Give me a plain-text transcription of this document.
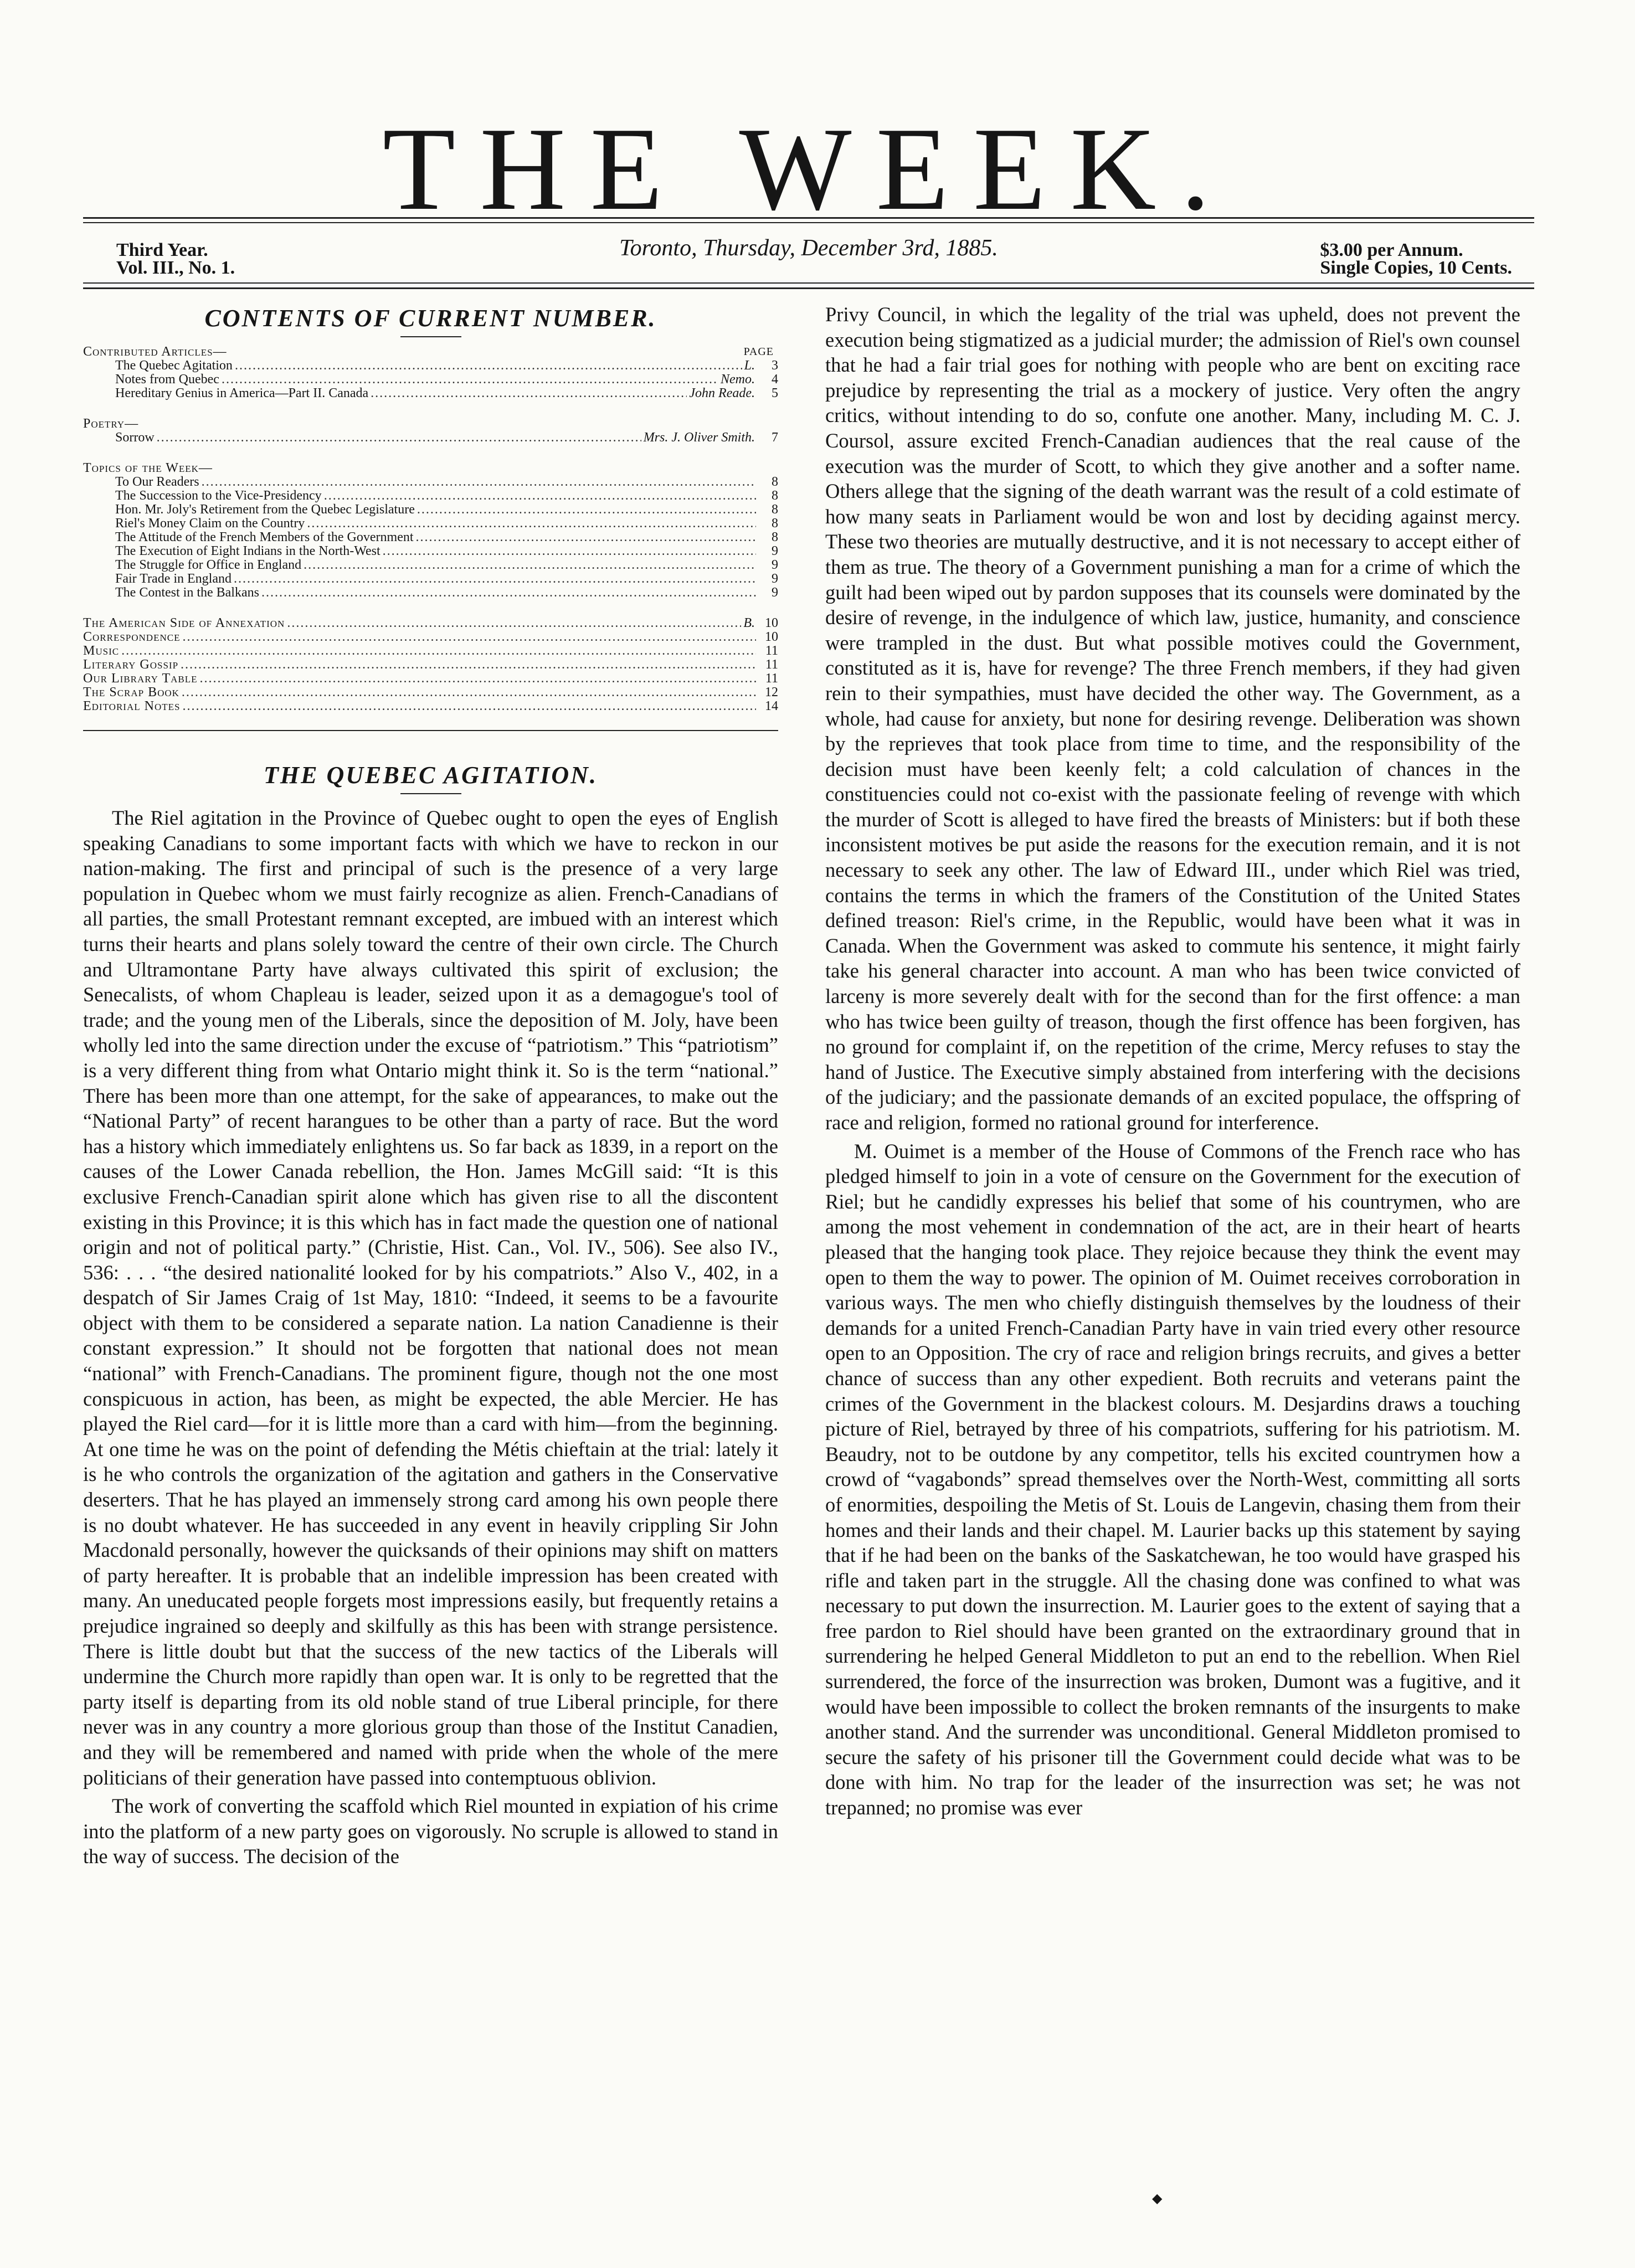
THE WEEK.
Third Year.
Vol. III., No. 1.
Toronto, Thursday, December 3rd, 1885.	$3.00 per Annum.
Single Copies, 10 Cents.
CONTENTS OF CURRENT NUMBER.
Contributed Articles—	PAGE
The Quebec Agitation .....	L.	3
Notes from Quebec .....	Nemo.	4
Hereditary Genius in America—Part II. Canada .....	John Reade.	5
Poetry—
Sorrow .....	Mrs. J. Oliver Smith.	7
Topics of the Week—
To Our Readers .....	8
The Succession to the Vice-Presidency .....	8
Hon. Mr. Joly's Retirement from the Quebec Legislature .....	8
Riel's Money Claim on the Country .....	8
The Attitude of the French Members of the Government .....	8
The Execution of Eight Indians in the North-West .....	9
The Struggle for Office in England .....	9
Fair Trade in England .....	9
The Contest in the Balkans .....	9
The American Side of Annexation .....	B. 10
Correspondence .....	10
Music .....	11
Literary Gossip .....	11
Our Library Table .....	11
The Scrap Book .....	12
Editorial Notes .....	14
THE QUEBEC AGITATION.

The Riel agitation in the Province of Quebec ought to open the eyes of English speaking Canadians to some important facts with which we have to reckon in our nation-making. The first and principal of such is the presence of a very large population in Quebec whom we must fairly recognize as alien. French-Canadians of all parties, the small Protestant remnant excepted, are imbued with an interest which turns their hearts and plans solely toward the centre of their own circle. The Church and Ultramontane Party have always cultivated this spirit of exclusion; the Senecalists, of whom Chapleau is leader, seized upon it as a demagogue's tool of trade; and the young men of the Liberals, since the deposition of M. Joly, have been wholly led into the same direction under the excuse of “patriotism.” This “patriotism” is a very different thing from what Ontario might think it. So is the term “national.” There has been more than one attempt, for the sake of appearances, to make out the “National Party” of recent harangues to be other than a party of race. But the word has a history which immediately enlightens us. So far back as 1839, in a report on the causes of the Lower Canada rebellion, the Hon. James McGill said: “It is this exclusive French-Canadian spirit alone which has given rise to all the discontent existing in this Province; it is this which has in fact made the question one of national origin and not of political party.” (Christie, Hist. Can., Vol. IV., 506). See also IV., 536: . . . “the desired nationalité looked for by his compatriots.” Also V., 402, in a despatch of Sir James Craig of 1st May, 1810: “Indeed, it seems to be a favourite object with them to be considered a separate nation. La nation Canadienne is their constant expression.” It should not be forgotten that national does not mean “national” with French-Canadians. The prominent figure, though not the one most conspicuous in action, has been, as might be expected, the able Mercier. He has played the Riel card—for it is little more than a card with him—from the beginning. At one time he was on the point of defending the Métis chieftain at the trial: lately it is he who controls the organization of the agitation and gathers in the Conservative deserters. That he has played an immensely strong card among his own people there is no doubt whatever. He has succeeded in any event in heavily crippling Sir John Macdonald personally, however the quicksands of their opinions may shift on matters of party hereafter. It is probable that an indelible impression has been created with many. An uneducated people forgets most impressions easily, but frequently retains a prejudice ingrained so deeply and skilfully as this has been with strange persistence. There is little doubt but that the success of the new tactics of the Liberals will undermine the Church more rapidly than open war. It is only to be regretted that the party itself is departing from its old noble stand of true Liberal principle, for there never was in any country a more glorious group than those of the Institut Canadien, and they will be remembered and named with pride when the whole of the mere politicians of their generation have passed into contemptuous oblivion.

The work of converting the scaffold which Riel mounted in expiation of his crime into the platform of a new party goes on vigorously. No scruple is allowed to stand in the way of success. The decision of the

Privy Council, in which the legality of the trial was upheld, does not prevent the execution being stigmatized as a judicial murder; the admission of Riel's own counsel that he had a fair trial goes for nothing with people who are bent on exciting race prejudice by representing the trial as a mockery of justice. Very often the angry critics, without intending to do so, confute one another. Many, including M. C. J. Coursol, assure excited French-Canadian audiences that the real cause of the execution was the murder of Scott, to which they give another and a softer name. Others allege that the signing of the death warrant was the result of a cold estimate of how many seats in Parliament would be won and lost by deciding against mercy. These two theories are mutually destructive, and it is not necessary to accept either of them as true. The theory of a Government punishing a man for a crime of which the guilt had been wiped out by pardon supposes that its counsels were dominated by the desire of revenge, in the indulgence of which law, justice, humanity, and conscience were trampled in the dust. But what possible motives could the Government, constituted as it is, have for revenge? The three French members, if they had given rein to their sympathies, must have decided the other way. The Government, as a whole, had cause for anxiety, but none for desiring revenge. Deliberation was shown by the reprieves that took place from time to time, and the responsibility of the decision must have been keenly felt; a cold calculation of chances in the constituencies could not co-exist with the passionate feeling of revenge with which the murder of Scott is alleged to have fired the breasts of Ministers: but if both these inconsistent motives be put aside the reasons for the execution remain, and it is not necessary to seek any other. The law of Edward III., under which Riel was tried, contains the terms in which the framers of the Constitution of the United States defined treason: Riel's crime, in the Republic, would have been what it was in Canada. When the Government was asked to commute his sentence, it might fairly take his general character into account. A man who has been twice convicted of larceny is more severely dealt with for the second than for the first offence: a man who has twice been guilty of treason, though the first offence has been forgiven, has no ground for complaint if, on the repetition of the crime, Mercy refuses to stay the hand of Justice. The Executive simply abstained from interfering with the decisions of the judiciary; and the passionate demands of an excited populace, the offspring of race and religion, formed no rational ground for interference.

M. Ouimet is a member of the House of Commons of the French race who has pledged himself to join in a vote of censure on the Government for the execution of Riel; but he candidly expresses his belief that some of his countrymen, who are among the most vehement in condemnation of the act, are in their heart of hearts pleased that the hanging took place. They rejoice because they think the event may open to them the way to power. The opinion of M. Ouimet receives corroboration in various ways. The men who chiefly distinguish themselves by the loudness of their demands for a united French-Canadian Party have in vain tried every other resource open to an Opposition. The cry of race and religion brings recruits, and gives a better chance of success than any other expedient. Both recruits and veterans paint the crimes of the Government in the blackest colours. M. Desjardins draws a touching picture of Riel, betrayed by three of his compatriots, suffering for his patriotism. M. Beaudry, not to be outdone by any competitor, tells his excited countrymen how a crowd of “vagabonds” spread themselves over the North-West, committing all sorts of enormities, despoiling the Metis of St. Louis de Langevin, chasing them from their homes and their lands and their chapel. M. Laurier backs up this statement by saying that if he had been on the banks of the Saskatchewan, he too would have grasped his rifle and taken part in the struggle. All the chasing done was confined to what was necessary to put down the insurrection. M. Laurier goes to the extent of saying that a free pardon to Riel should have been granted on the extraordinary ground that in surrendering he helped General Middleton to put an end to the rebellion. When Riel surrendered, the force of the insurrection was broken, Dumont was a fugitive, and it would have been impossible to collect the broken remnants of the insurgents to make another stand. And the surrender was unconditional. General Middleton promised to secure the safety of his prisoner till the Government could decide what was to be done with him. No trap for the leader of the insurrection was set; he was not trepanned; no promise was ever

◆
